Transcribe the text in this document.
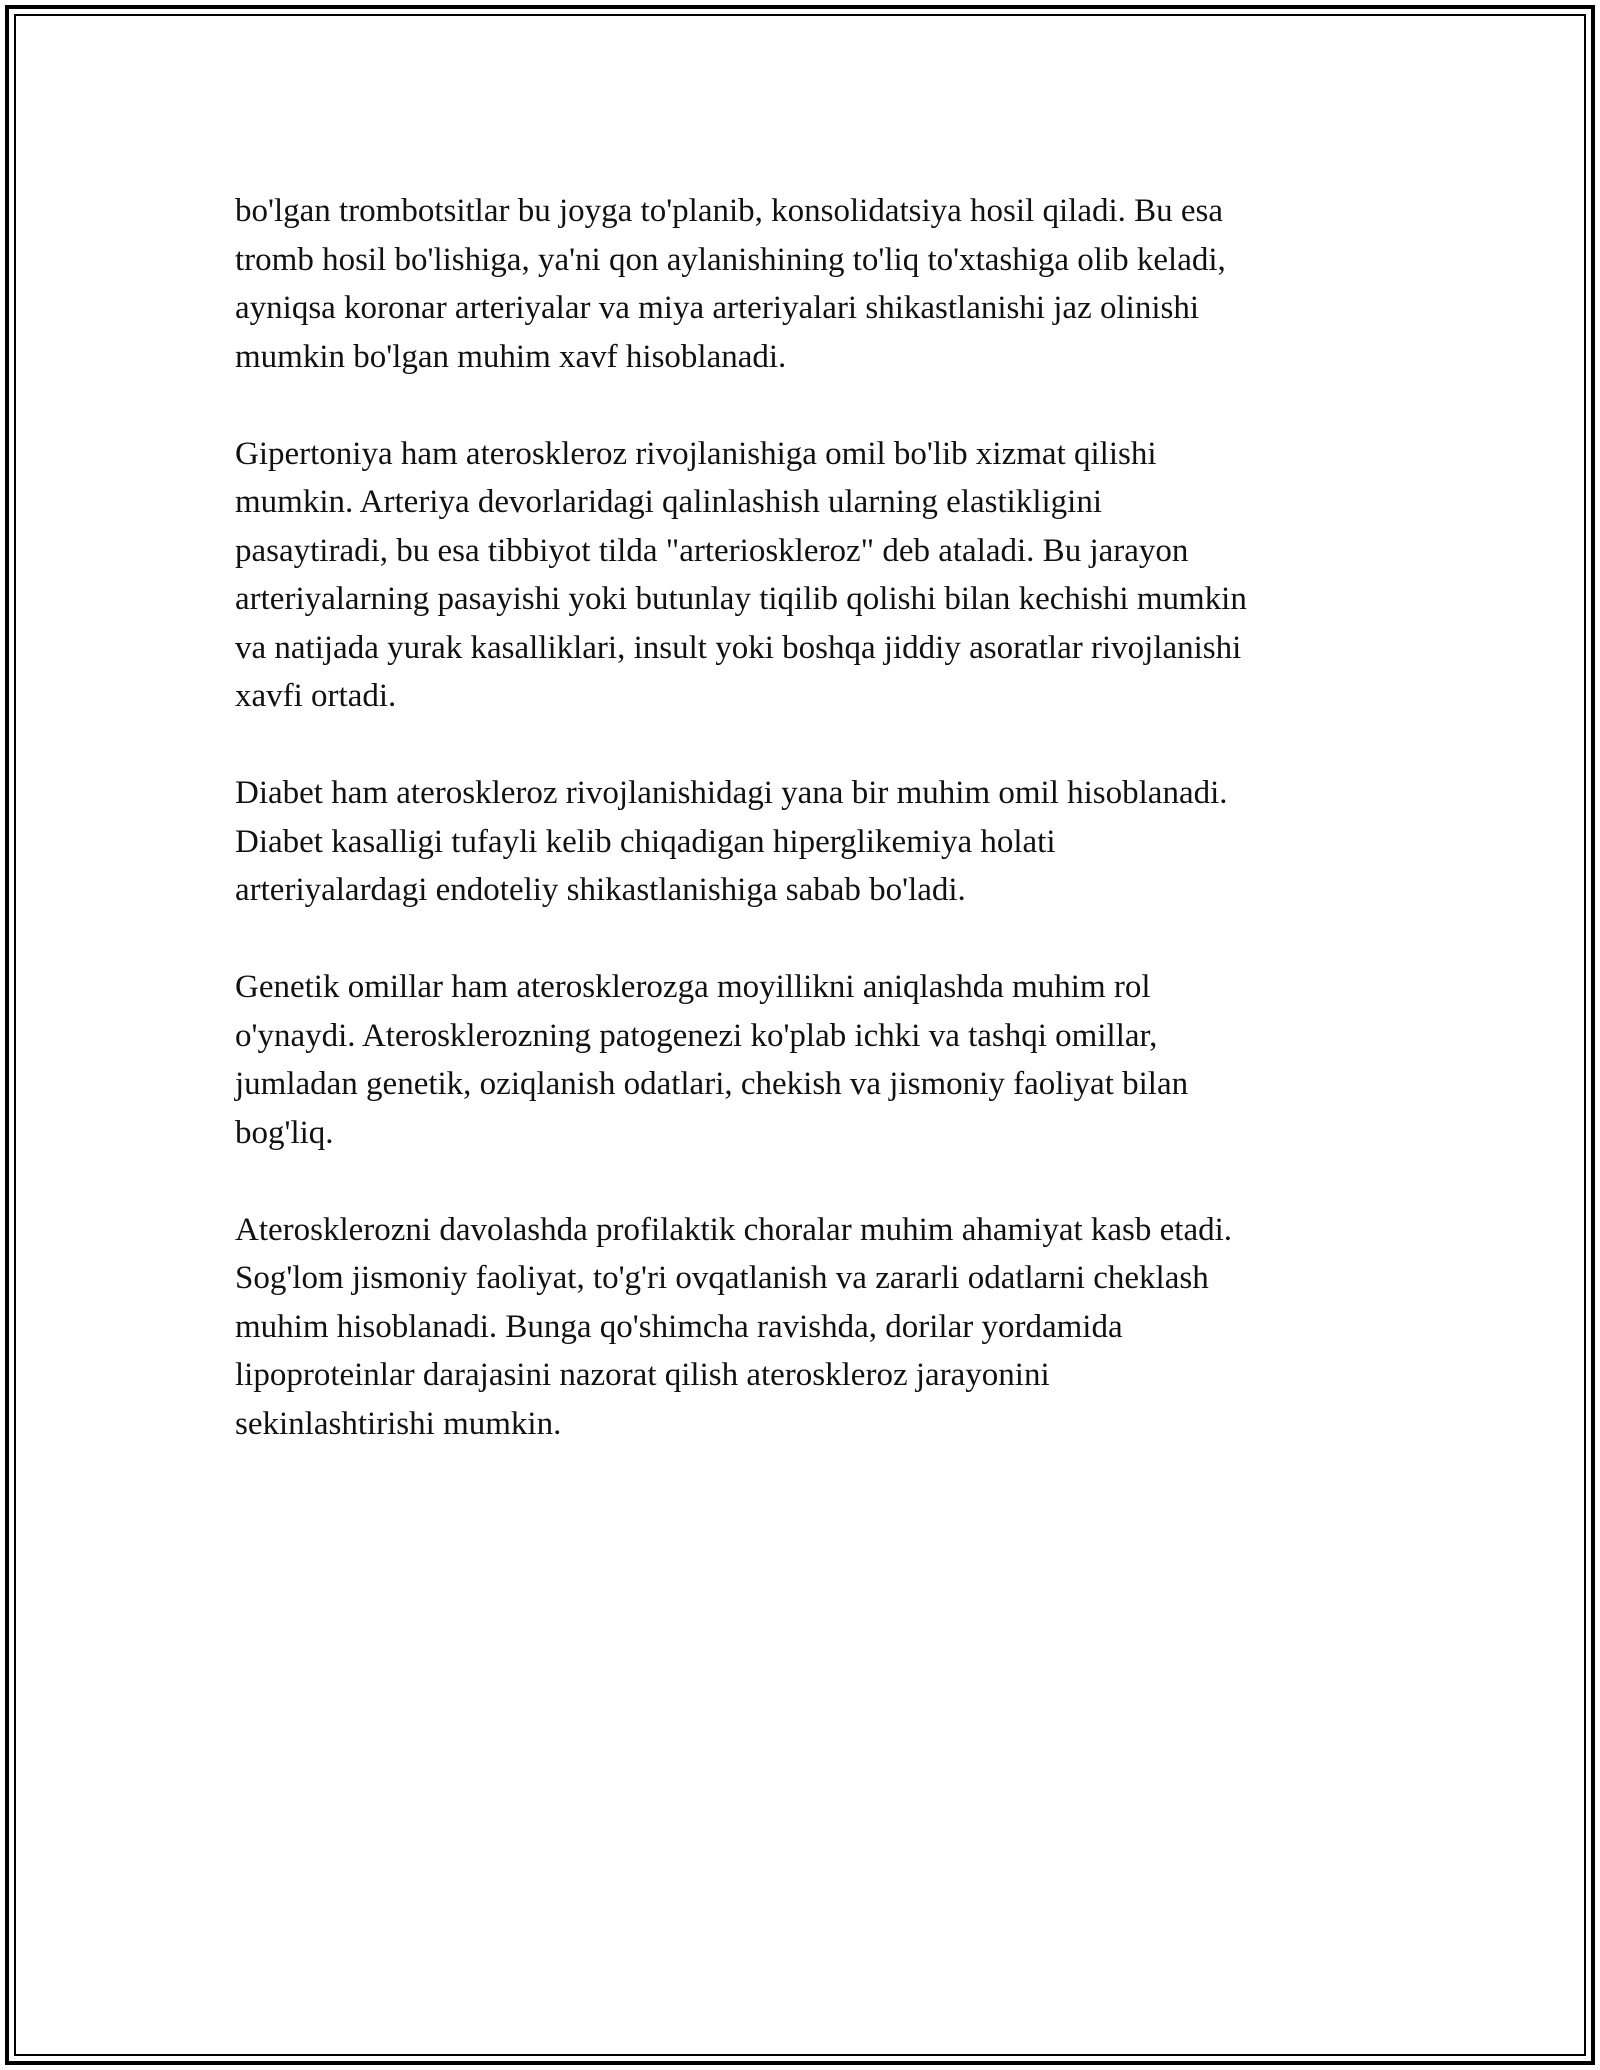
bo'lgan trombotsitlar bu joyga to'planib, konsolidatsiya hosil qiladi. Bu esa
tromb hosil bo'lishiga, ya'ni qon aylanishining to'liq to'xtashiga olib keladi,
ayniqsa koronar arteriyalar va miya arteriyalari shikastlanishi jaz olinishi
mumkin bo'lgan muhim xavf hisoblanadi.

Gipertoniya ham ateroskleroz rivojlanishiga omil bo'lib xizmat qilishi
mumkin. Arteriya devorlaridagi qalinlashish ularning elastikligini
pasaytiradi, bu esa tibbiyot tilda "arterioskleroz" deb ataladi. Bu jarayon
arteriyalarning pasayishi yoki butunlay tiqilib qolishi bilan kechishi mumkin
va natijada yurak kasalliklari, insult yoki boshqa jiddiy asoratlar rivojlanishi
xavfi ortadi.

Diabet ham ateroskleroz rivojlanishidagi yana bir muhim omil hisoblanadi.
Diabet kasalligi tufayli kelib chiqadigan hiperglikemiya holati
arteriyalardagi endoteliy shikastlanishiga sabab bo'ladi.

Genetik omillar ham aterosklerozga moyillikni aniqlashda muhim rol
o'ynaydi. Aterosklerozning patogenezi ko'plab ichki va tashqi omillar,
jumladan genetik, oziqlanish odatlari, chekish va jismoniy faoliyat bilan
bog'liq.

Aterosklerozni davolashda profilaktik choralar muhim ahamiyat kasb etadi.
Sog'lom jismoniy faoliyat, to'g'ri ovqatlanish va zararli odatlarni cheklash
muhim hisoblanadi. Bunga qo'shimcha ravishda, dorilar yordamida
lipoproteinlar darajasini nazorat qilish ateroskleroz jarayonini
sekinlashtirishi mumkin.
